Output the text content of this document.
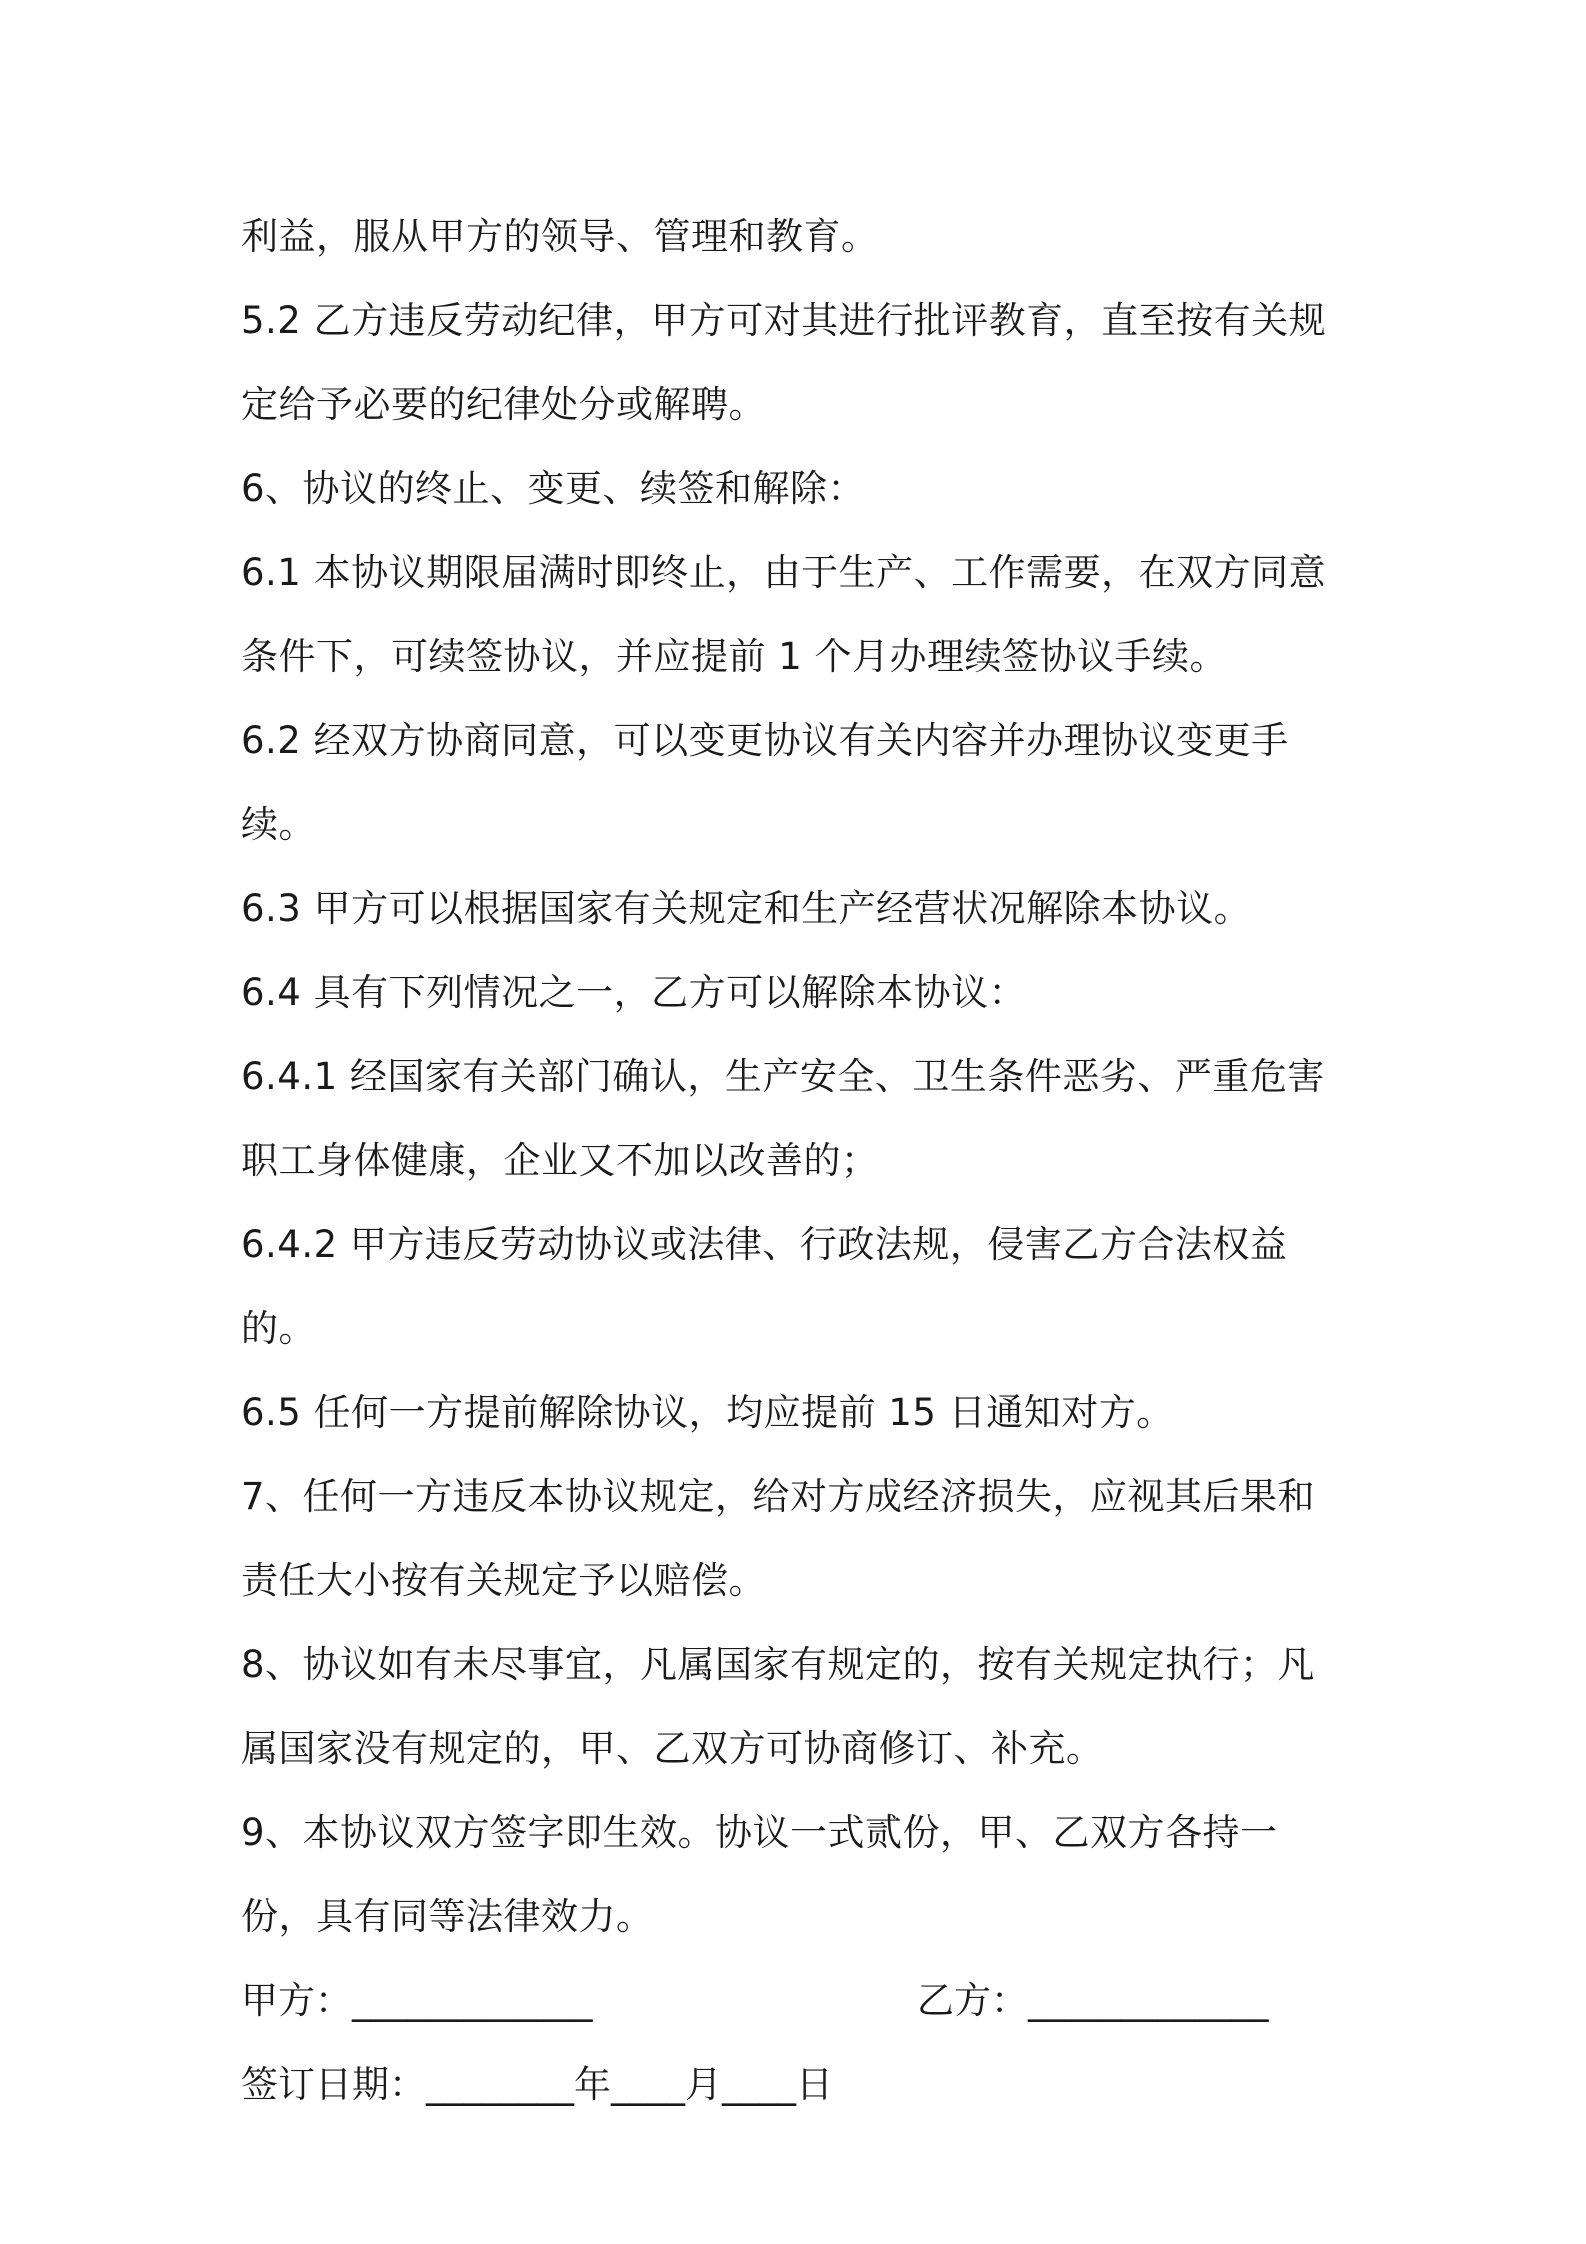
利益，服从甲方的领导、管理和教育。

5.2 乙方违反劳动纪律，甲方可对其进行批评教育，直至按有关规定给予必要的纪律处分或解聘。

6、协议的终止、变更、续签和解除：

6.1 本协议期限届满时即终止，由于生产、工作需要，在双方同意条件下，可续签协议，并应提前 1 个月办理续签协议手续。

6.2 经双方协商同意，可以变更协议有关内容并办理协议变更手续。

6.3 甲方可以根据国家有关规定和生产经营状况解除本协议。

6.4 具有下列情况之一，乙方可以解除本协议：

6.4.1 经国家有关部门确认，生产安全、卫生条件恶劣、严重危害职工身体健康，企业又不加以改善的；

6.4.2 甲方违反劳动协议或法律、行政法规，侵害乙方合法权益的。

6.5 任何一方提前解除协议，均应提前 15 日通知对方。

7、任何一方违反本协议规定，给对方成经济损失，应视其后果和责任大小按有关规定予以赔偿。

8、协议如有未尽事宜，凡属国家有规定的，按有关规定执行；凡属国家没有规定的，甲、乙双方可协商修订、补充。

9、本协议双方签字即生效。协议一式贰份，甲、乙双方各持一份，具有同等法律效力。

甲方：_____________	乙方：_____________
签订日期：________年____月____日
